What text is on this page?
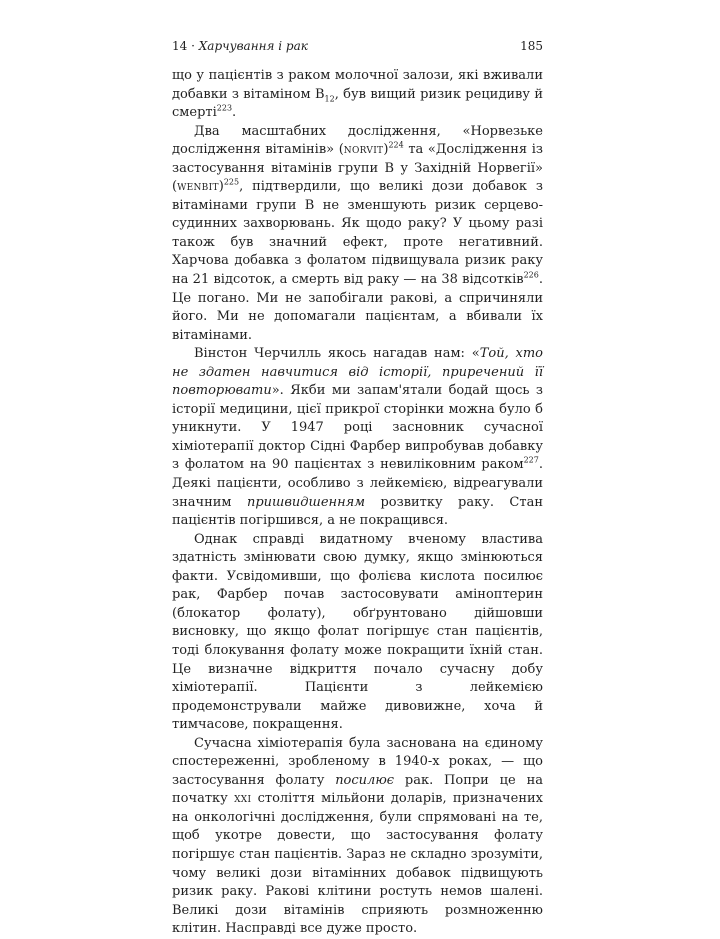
14 · Харчування і рак	185

що у пацієнтів з раком молочної залози, які вживали добавки з вітаміном $B_{12}$, був вищий ризик рецидиву й смерті$^{223}$.

Два масштабних дослідження, «Норвезьке дослідження вітамінів» (norvit)$^{224}$ та «Дослідження із застосування вітамінів групи В у Західній Норвегії» (wenbit)$^{225}$, підтвердили, що великі дози добавок з вітамінами групи В не зменшують ризик серцево-судинних захворювань. Як щодо раку? У цьому разі також був значний ефект, проте негативний. Харчова добавка з фолатом підвищувала ризик раку на 21 відсоток, а смерть від раку — на 38 відсотків$^{226}$. Це погано. Ми не запобігали ракові, а спричиняли його. Ми не допомагали пацієнтам, а вбивали їх вітамінами.

Вінстон Черчилль якось нагадав нам: «Той, хто не здатен навчитися від історії, приречений її повторювати». Якби ми запам'ятали бодай щось з історії медицини, цієї прикрої сторінки можна було б уникнути. У 1947 році засновник сучасної хіміотерапії доктор Сідні Фарбер випробував добавку з фолатом на 90 пацієнтах з невиліковним раком$^{227}$. Деякі пацієнти, особливо з лейкемією, відреагували значним пришвидшенням розвитку раку. Стан пацієнтів погіршився, а не покращився.

Однак справді видатному вченому властива здатність змінювати свою думку, якщо змінюються факти. Усвідомивши, що фолієва кислота посилює рак, Фарбер почав застосовувати аміноптерин (блокатор фолату), обґрунтовано дійшовши висновку, що якщо фолат погіршує стан пацієнтів, тоді блокування фолату може покращити їхній стан. Це визначне відкриття почало сучасну добу хіміотерапії. Пацієнти з лейкемією продемонстрували майже дивовижне, хоча й тимчасове, покращення.

Сучасна хіміотерапія була заснована на єдиному спостереженні, зробленому в 1940-х роках, — що застосування фолату посилює рак. Попри це на початку xxi століття мільйони доларів, призначених на онкологічні дослідження, були спрямовані на те, щоб укотре довести, що застосування фолату погіршує стан пацієнтів. Зараз не складно зрозуміти, чому великі дози вітамінних добавок підвищують ризик раку. Ракові клітини ростуть немов шалені. Великі дози вітамінів сприяють розмноженню клітин. Насправді все дуже просто.
